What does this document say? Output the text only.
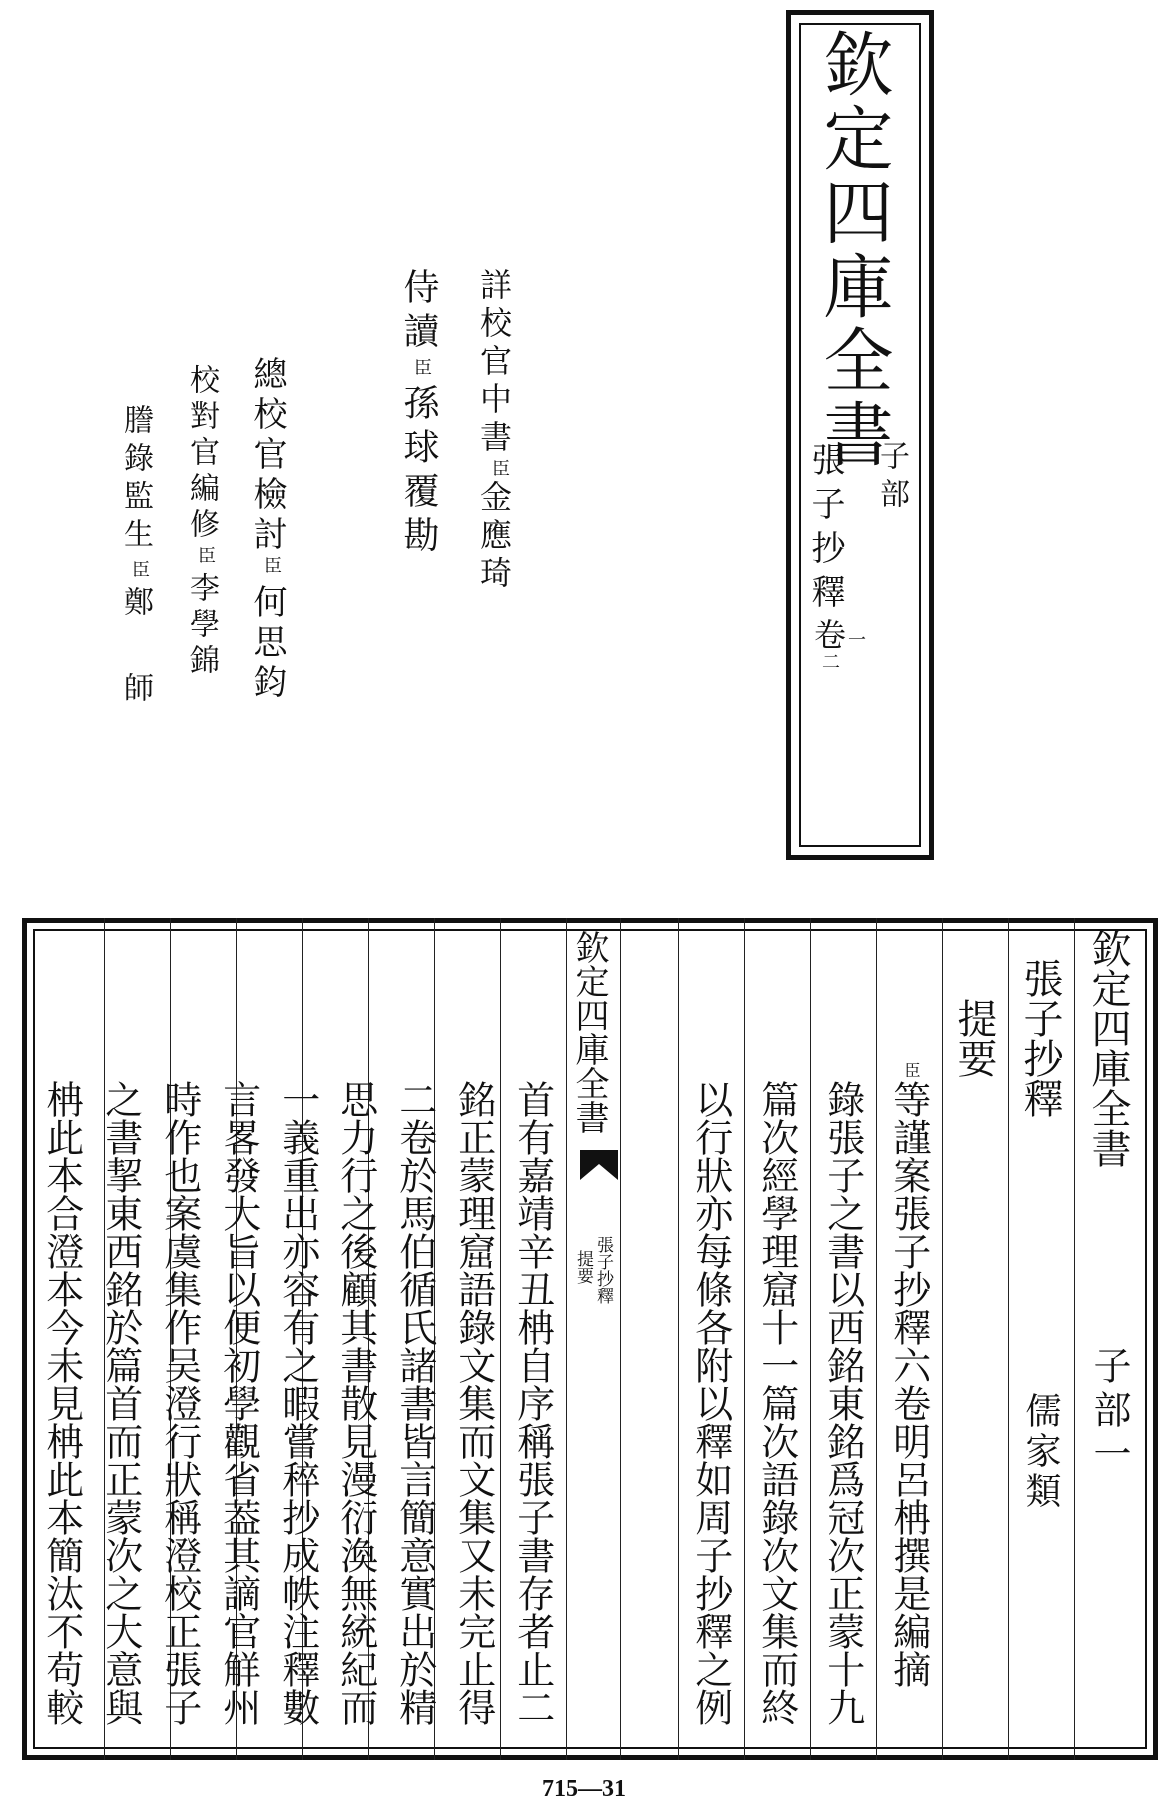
欽定四庫全書
子部
張子抄釋
卷
一
二
詳校官中書
臣
金應琦
侍讀
臣
孫球覆勘
總校官檢討
臣
何思鈞
校對官編修
臣
李學錦
謄錄監生
臣
鄭師
欽定四庫全書
子部一
張子抄釋
儒家類
提要
臣
等謹案張子抄釋六卷明呂柟撰是編摘
錄張子之書以西銘東銘爲冠次正蒙十九
篇次經學理窟十一篇次語錄次文集而終
以行狀亦每條各附以釋如周子抄釋之例
欽定四庫全書
張子抄釋
提要
首有嘉靖辛丑柟自序稱張子書存者止二
銘正蒙理窟語錄文集而文集又未完止得
二卷於馬伯循氏諸書皆言簡意實出於精
思力行之後顧其書散見漫衍渙無統紀而
一義重出亦容有之暇嘗稡抄成帙注釋數
言畧發大旨以便初學觀省葢其謫官觧州
時作也案虞集作吴澄行狀稱澄校正張子
之書挈東西銘於篇首而正蒙次之大意與
柟此本合澄本今未見柟此本簡汰不苟較
715—31
